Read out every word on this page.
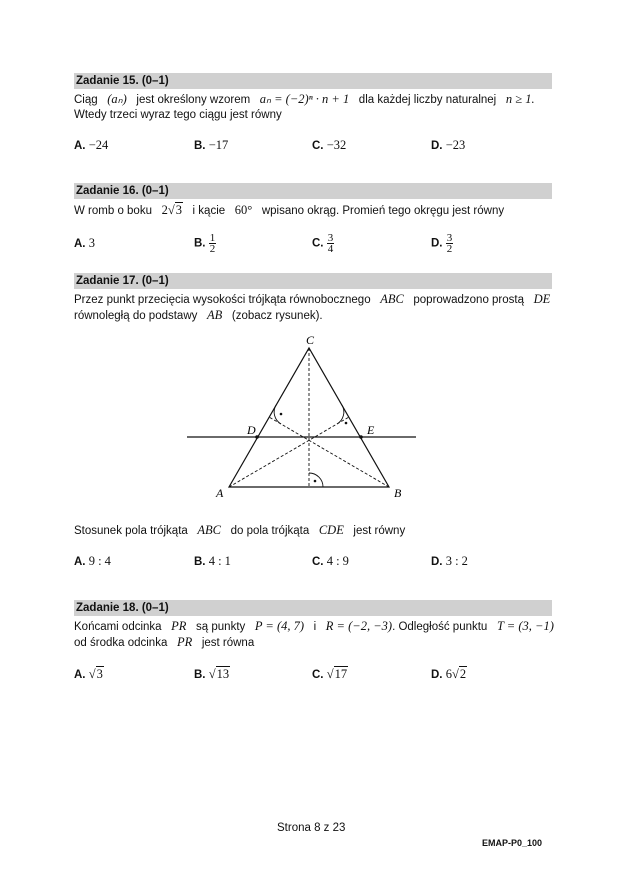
Zadanie 15. (0–1)
Ciąg (aₙ) jest określony wzorem aₙ = (−2)ⁿ · n + 1 dla każdej liczby naturalnej n ≥ 1.
Wtedy trzeci wyraz tego ciągu jest równy
A. −24	B. −17	C. −32	D. −23
Zadanie 16. (0–1)
W romb o boku 2√3 i kącie 60° wpisano okrąg. Promień tego okręgu jest równy
A. 3	B. $\frac{1}{2}$	C. $\frac{3}{4}$	D. $\frac{3}{2}$
Zadanie 17. (0–1)
Przez punkt przecięcia wysokości trójkąta równobocznego ABC poprowadzono prostą DE
równoległą do podstawy AB (zobacz rysunek).
Stosunek pola trójkąta ABC do pola trójkąta CDE jest równy
A. 9 : 4	B. 4 : 1	C. 4 : 9	D. 3 : 2
C
D	E
A	B
Zadanie 18. (0–1)
Końcami odcinka PR są punkty P = (4, 7) i R = (−2, −3). Odległość punktu T = (3, −1)
od środka odcinka PR jest równa
A. √3	B. √13	C. √17	D. 6√2
Strona 8 z 23
EMAP-P0_100
